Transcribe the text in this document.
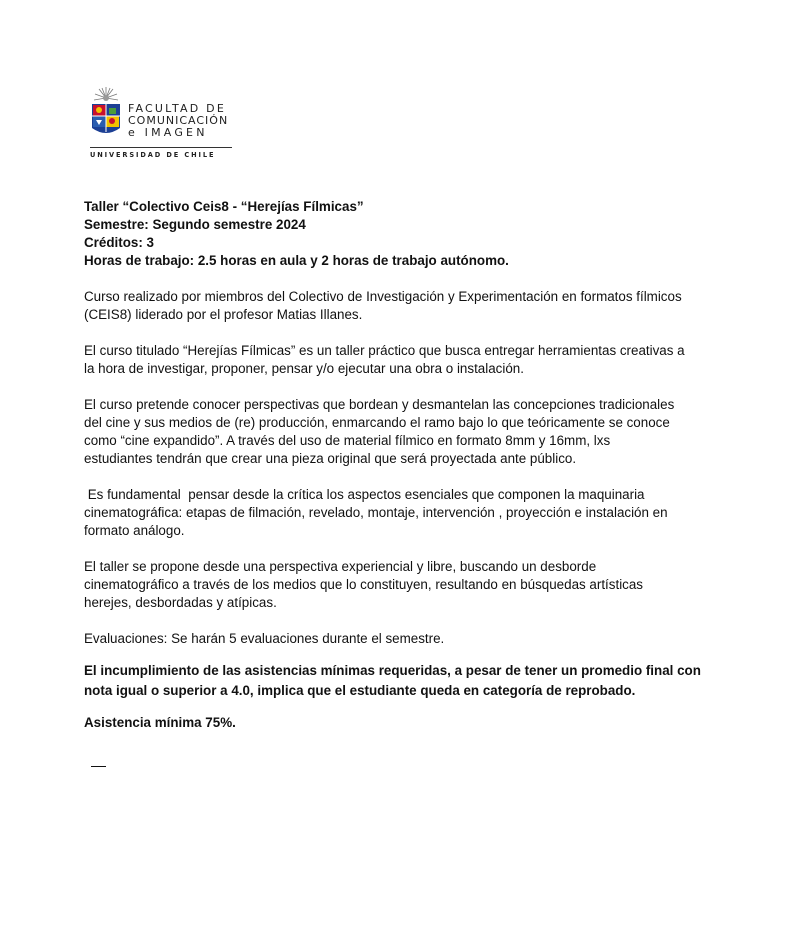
FACULTAD DE
COMUNICACIÓN
e IMAGEN
UNIVERSIDAD DE CHILE

Taller “Colectivo Ceis8 - “Herejías Fílmicas”

Semestre: Segundo semestre 2024

Créditos: 3

Horas de trabajo: 2.5 horas en aula y 2 horas de trabajo autónomo.

Curso realizado por miembros del Colectivo de Investigación y Experimentación en formatos fílmicos

(CEIS8) liderado por el profesor Matias Illanes.

El curso titulado “Herejías Fílmicas” es un taller práctico que busca entregar herramientas creativas a

la hora de investigar, proponer, pensar y/o ejecutar una obra o instalación.

El curso pretende conocer perspectivas que bordean y desmantelan las concepciones tradicionales

del cine y sus medios de (re) producción, enmarcando el ramo bajo lo que teóricamente se conoce

como “cine expandido”. A través del uso de material fílmico en formato 8mm y 16mm, lxs

estudiantes tendrán que crear una pieza original que será proyectada ante público.

Es fundamental  pensar desde la crítica los aspectos esenciales que componen la maquinaria

cinematográfica: etapas de filmación, revelado, montaje, intervención , proyección e instalación en

formato análogo.

El taller se propone desde una perspectiva experiencial y libre, buscando un desborde

cinematográfico a través de los medios que lo constituyen, resultando en búsquedas artísticas

herejes, desbordadas y atípicas.

Evaluaciones: Se harán 5 evaluaciones durante el semestre.

El incumplimiento de las asistencias mínimas requeridas, a pesar de tener un promedio final con

nota igual o superior a 4.0, implica que el estudiante queda en categoría de reprobado.

Asistencia mínima 75%.
